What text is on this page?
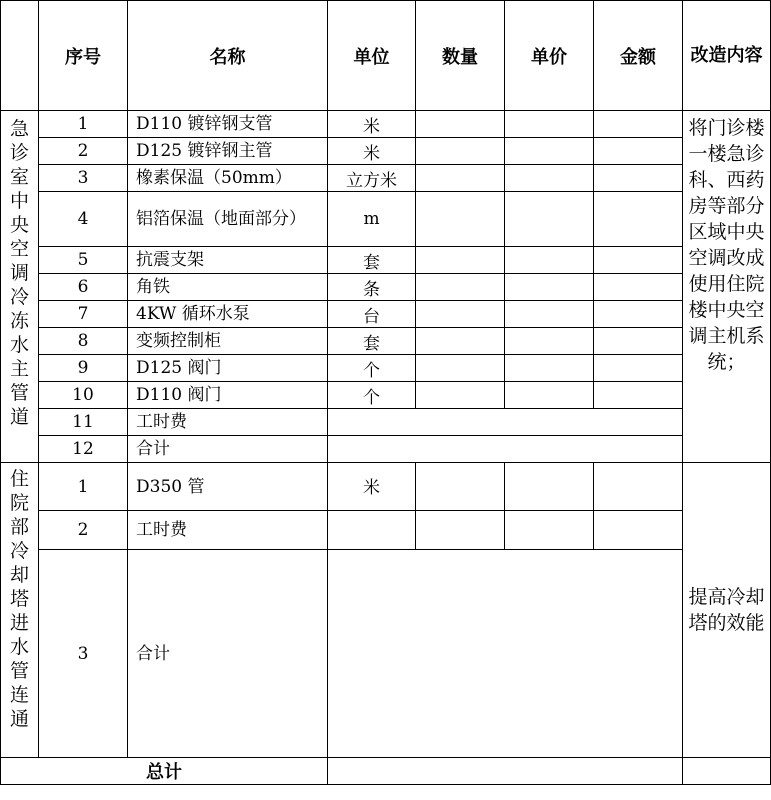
	序号	名称	单位	数量	单价	金额	改造内容

急诊室中央空调冷冻水主管道	1	D110 镀锌钢支管	米				将门诊楼一楼急诊科、西药房等部分区域中央空调改成使用住院楼中央空调主机系统；

	2	D125 镀锌钢主管	米				
	3	橡素保温（50mm）	立方米				
	4	铝箔保温（地面部分）	m				
	5	抗震支架	套				
	6	角铁	条				
	7	4KW 循环水泵	台				
	8	变频控制柜	套				
	9	D125 阀门	个				
	10	D110 阀门	个				
	11	工时费					
	12	合计					

住院部冷却塔进水管连通	1	D350 管	米				提高冷却塔的效能

	2	工时费					
	3	合计					
总计							
